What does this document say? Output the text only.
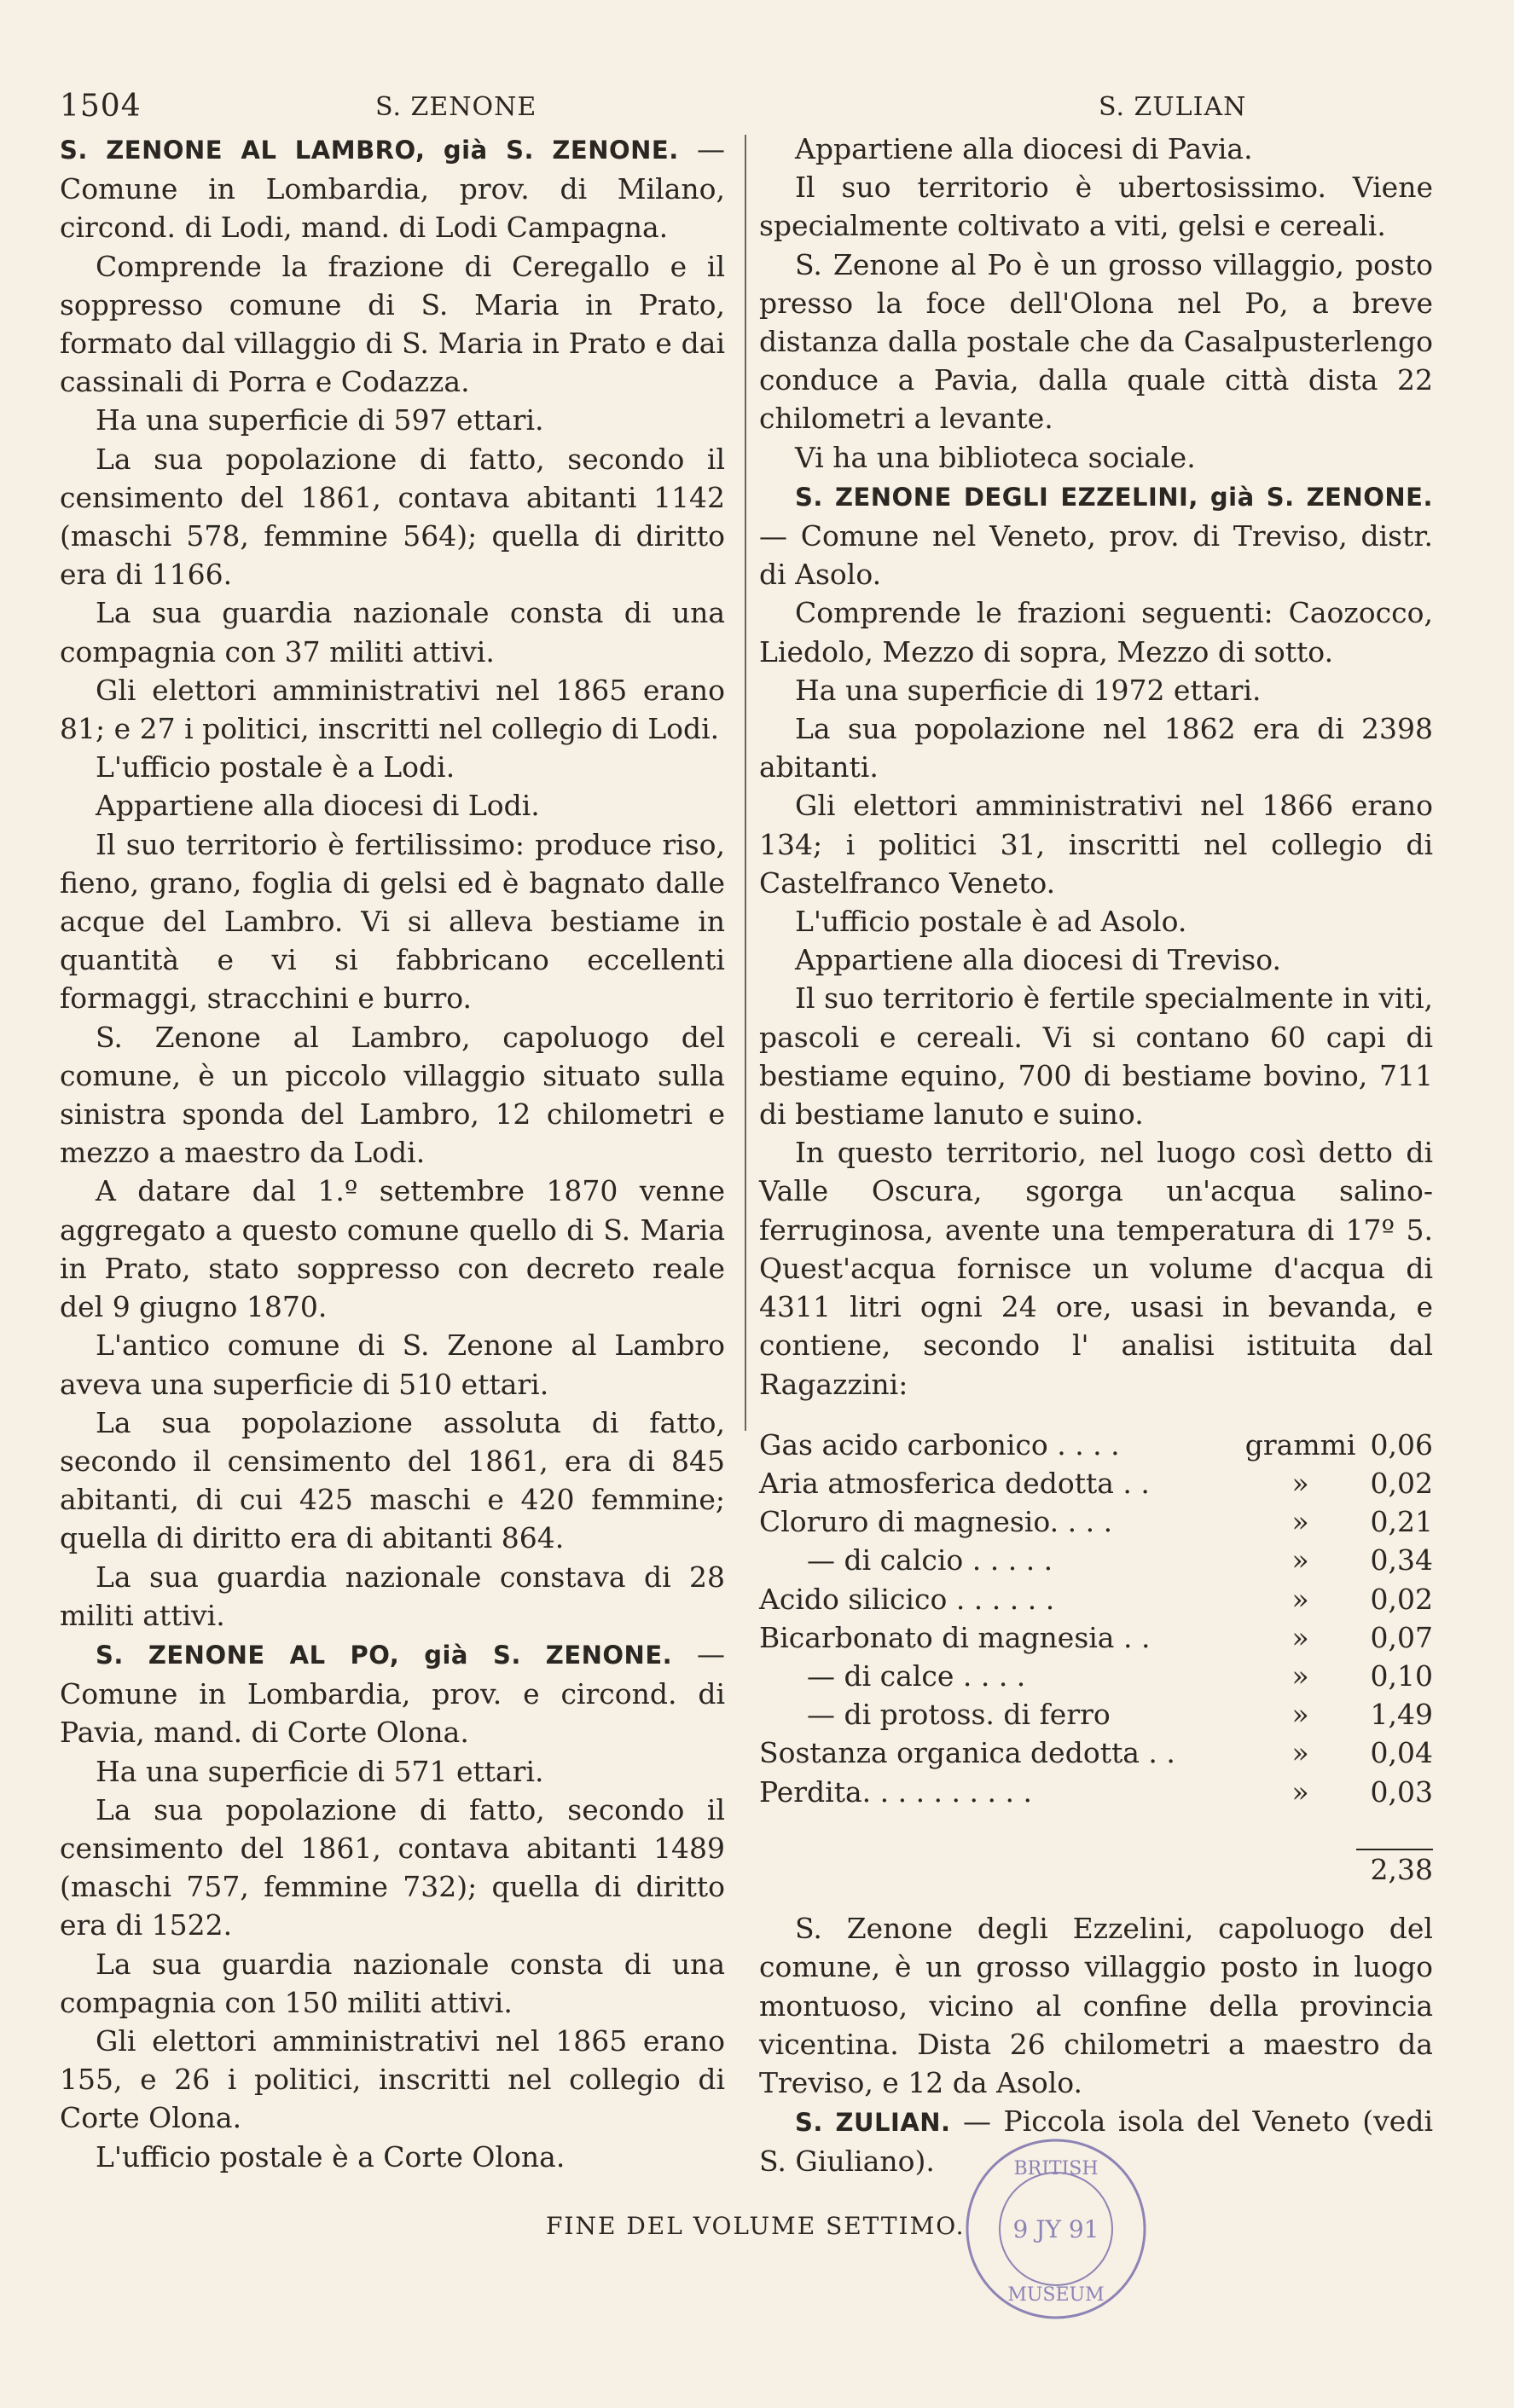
1504	S. ZENONE	S. ZULIAN

S. ZENONE AL LAMBRO, già S. ZENONE. — Comune in Lombardia, prov. di Milano, circond. di Lodi, mand. di Lodi Campagna.

Comprende la frazione di Ceregallo e il soppresso comune di S. Maria in Prato, formato dal villaggio di S. Maria in Prato e dai cassinali di Porra e Codazza.

Ha una superficie di 597 ettari.

La sua popolazione di fatto, secondo il censimento del 1861, contava abitanti 1142 (maschi 578, femmine 564); quella di diritto era di 1166.

La sua guardia nazionale consta di una compagnia con 37 militi attivi.

Gli elettori amministrativi nel 1865 erano 81; e 27 i politici, inscritti nel collegio di Lodi.

L'ufficio postale è a Lodi.

Appartiene alla diocesi di Lodi.

Il suo territorio è fertilissimo: produce riso, fieno, grano, foglia di gelsi ed è bagnato dalle acque del Lambro. Vi si alleva bestiame in quantità e vi si fabbricano eccellenti formaggi, stracchini e burro.

S. Zenone al Lambro, capoluogo del comune, è un piccolo villaggio situato sulla sinistra sponda del Lambro, 12 chilometri e mezzo a maestro da Lodi.

A datare dal 1.º settembre 1870 venne aggregato a questo comune quello di S. Maria in Prato, stato soppresso con decreto reale del 9 giugno 1870.

L'antico comune di S. Zenone al Lambro aveva una superficie di 510 ettari.

La sua popolazione assoluta di fatto, secondo il censimento del 1861, era di 845 abitanti, di cui 425 maschi e 420 femmine; quella di diritto era di abitanti 864.

La sua guardia nazionale constava di 28 militi attivi.

S. ZENONE AL PO, già S. ZENONE. — Comune in Lombardia, prov. e circond. di Pavia, mand. di Corte Olona.

Ha una superficie di 571 ettari.

La sua popolazione di fatto, secondo il censimento del 1861, contava abitanti 1489 (maschi 757, femmine 732); quella di diritto era di 1522.

La sua guardia nazionale consta di una compagnia con 150 militi attivi.

Gli elettori amministrativi nel 1865 erano 155, e 26 i politici, inscritti nel collegio di Corte Olona.

L'ufficio postale è a Corte Olona.

Appartiene alla diocesi di Pavia.

Il suo territorio è ubertosissimo. Viene specialmente coltivato a viti, gelsi e cereali.

S. Zenone al Po è un grosso villaggio, posto presso la foce dell'Olona nel Po, a breve distanza dalla postale che da Casalpusterlengo conduce a Pavia, dalla quale città dista 22 chilometri a levante.

Vi ha una biblioteca sociale.

S. ZENONE DEGLI EZZELINI, già S. ZENONE. — Comune nel Veneto, prov. di Treviso, distr. di Asolo.

Comprende le frazioni seguenti: Caozocco, Liedolo, Mezzo di sopra, Mezzo di sotto.

Ha una superficie di 1972 ettari.

La sua popolazione nel 1862 era di 2398 abitanti.

Gli elettori amministrativi nel 1866 erano 134; i politici 31, inscritti nel collegio di Castelfranco Veneto.

L'ufficio postale è ad Asolo.

Appartiene alla diocesi di Treviso.

Il suo territorio è fertile specialmente in viti, pascoli e cereali. Vi si contano 60 capi di bestiame equino, 700 di bestiame bovino, 711 di bestiame lanuto e suino.

In questo territorio, nel luogo così detto di Valle Oscura, sgorga un'acqua salino-ferruginosa, avente una temperatura di 17º 5. Quest'acqua fornisce un volume d'acqua di 4311 litri ogni 24 ore, usasi in bevanda, e contiene, secondo l' analisi istituita dal Ragazzini:

Gas acido carbonico . . . .	grammi	0,06
Aria atmosferica dedotta . .	»	0,02
Cloruro di magnesio. . . .	»	0,21
— di calcio . . . . .	»	0,34
Acido silicico . . . . . .	»	0,02
Bicarbonato di magnesia . .	»	0,07
— di calce . . . .	»	0,10
— di protoss. di ferro	»	1,49
Sostanza organica dedotta . .	»	0,04
Perdita. . . . . . . . . .	»	0,03

		2,38

S. Zenone degli Ezzelini, capoluogo del comune, è un grosso villaggio posto in luogo montuoso, vicino al confine della provincia vicentina. Dista 26 chilometri a maestro da Treviso, e 12 da Asolo.

S. ZULIAN. — Piccola isola del Veneto (vedi S. Giuliano).

FINE DEL VOLUME SETTIMO.
BRITISH
9 JY 91
MUSEUM
